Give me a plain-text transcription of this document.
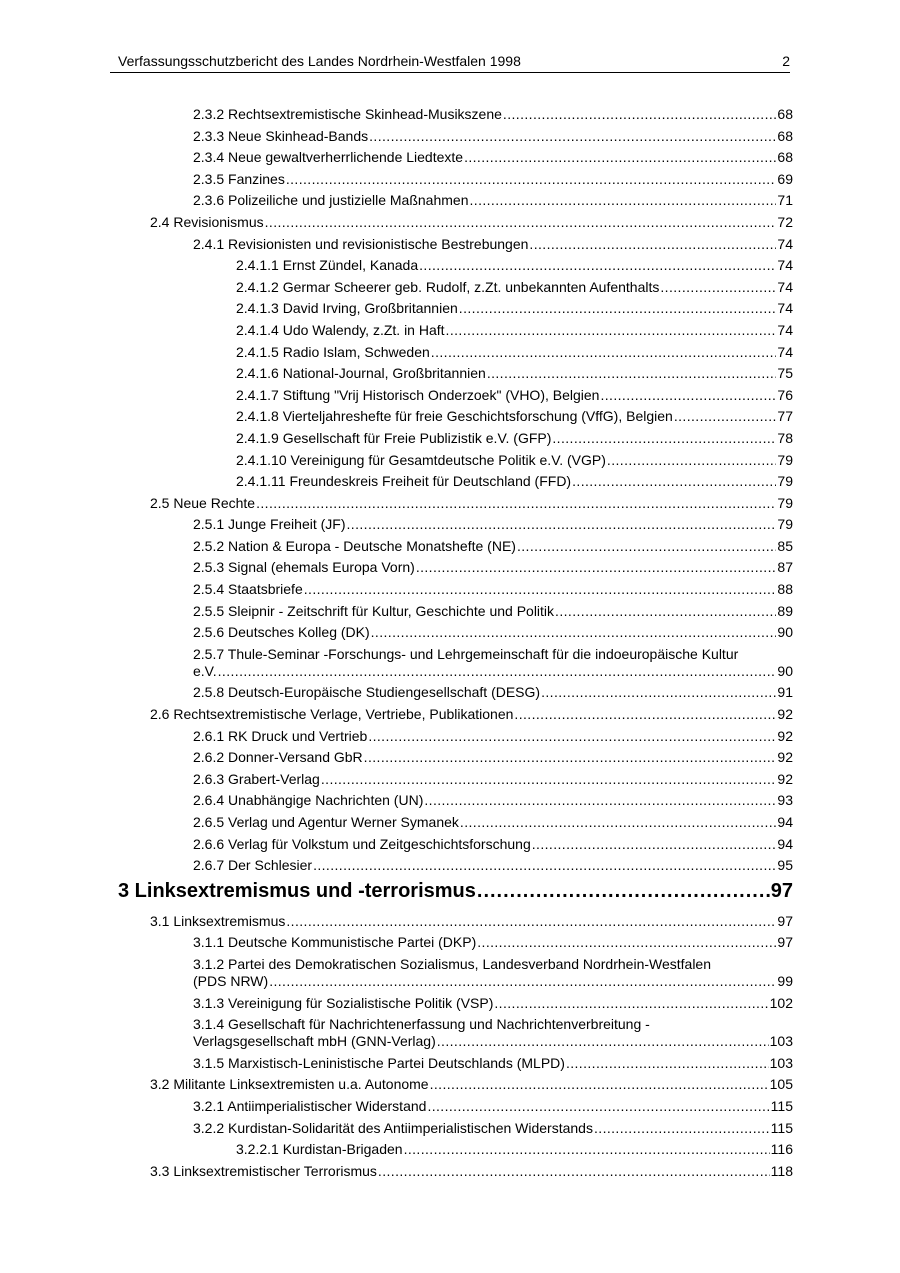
Verfassungsschutzbericht des Landes Nordrhein-Westfalen 1998	2
2.3.2 Rechtsextremistische Skinhead-Musikszene .....	68
2.3.3 Neue Skinhead-Bands .....	68
2.3.4 Neue gewaltverherrlichende Liedtexte .....	68
2.3.5 Fanzines .....	69
2.3.6 Polizeiliche und justizielle Maßnahmen .....	71
2.4 Revisionismus .....	72
2.4.1 Revisionisten und revisionistische Bestrebungen .....	74
2.4.1.1 Ernst Zündel, Kanada .....	74
2.4.1.2 Germar Scheerer geb. Rudolf, z.Zt. unbekannten Aufenthalts .....	74
2.4.1.3 David Irving, Großbritannien .....	74
2.4.1.4 Udo Walendy, z.Zt. in Haft .....	74
2.4.1.5 Radio Islam, Schweden .....	74
2.4.1.6 National-Journal, Großbritannien .....	75
2.4.1.7 Stiftung "Vrij Historisch Onderzoek" (VHO), Belgien .....	76
2.4.1.8 Vierteljahreshefte für freie Geschichtsforschung (VffG), Belgien .....	77
2.4.1.9 Gesellschaft für Freie Publizistik e.V. (GFP) .....	78
2.4.1.10 Vereinigung für Gesamtdeutsche Politik e.V. (VGP) .....	79
2.4.1.11 Freundeskreis Freiheit für Deutschland (FFD) .....	79
2.5 Neue Rechte .....	79
2.5.1 Junge Freiheit (JF) .....	79
2.5.2 Nation & Europa - Deutsche Monatshefte (NE) .....	85
2.5.3 Signal (ehemals Europa Vorn) .....	87
2.5.4 Staatsbriefe .....	88
2.5.5 Sleipnir - Zeitschrift für Kultur, Geschichte und Politik .....	89
2.5.6 Deutsches Kolleg (DK) .....	90
2.5.7 Thule-Seminar -Forschungs- und Lehrgemeinschaft für die indoeuropäische Kultur
e.V. .....	90
2.5.8 Deutsch-Europäische Studiengesellschaft (DESG) .....	91
2.6 Rechtsextremistische Verlage, Vertriebe, Publikationen .....	92
2.6.1 RK Druck und Vertrieb .....	92
2.6.2 Donner-Versand GbR .....	92
2.6.3 Grabert-Verlag .....	92
2.6.4 Unabhängige Nachrichten (UN) .....	93
2.6.5 Verlag und Agentur Werner Symanek .....	94
2.6.6 Verlag für Volkstum und Zeitgeschichtsforschung .....	94
2.6.7 Der Schlesier .....	95
3 Linksextremismus und -terrorismus .....	97
3.1 Linksextremismus .....	97
3.1.1 Deutsche Kommunistische Partei (DKP) .....	97
3.1.2 Partei des Demokratischen Sozialismus, Landesverband Nordrhein-Westfalen
(PDS NRW) .....	99
3.1.3 Vereinigung für Sozialistische Politik (VSP) .....	102
3.1.4 Gesellschaft für Nachrichtenerfassung und Nachrichtenverbreitung -
Verlagsgesellschaft mbH (GNN-Verlag) .....	103
3.1.5 Marxistisch-Leninistische Partei Deutschlands (MLPD) .....	103
3.2 Militante Linksextremisten u.a. Autonome .....	105
3.2.1 Antiimperialistischer Widerstand .....	115
3.2.2 Kurdistan-Solidarität des Antiimperialistischen Widerstands .....	115
3.2.2.1 Kurdistan-Brigaden .....	116
3.3 Linksextremistischer Terrorismus .....	118
